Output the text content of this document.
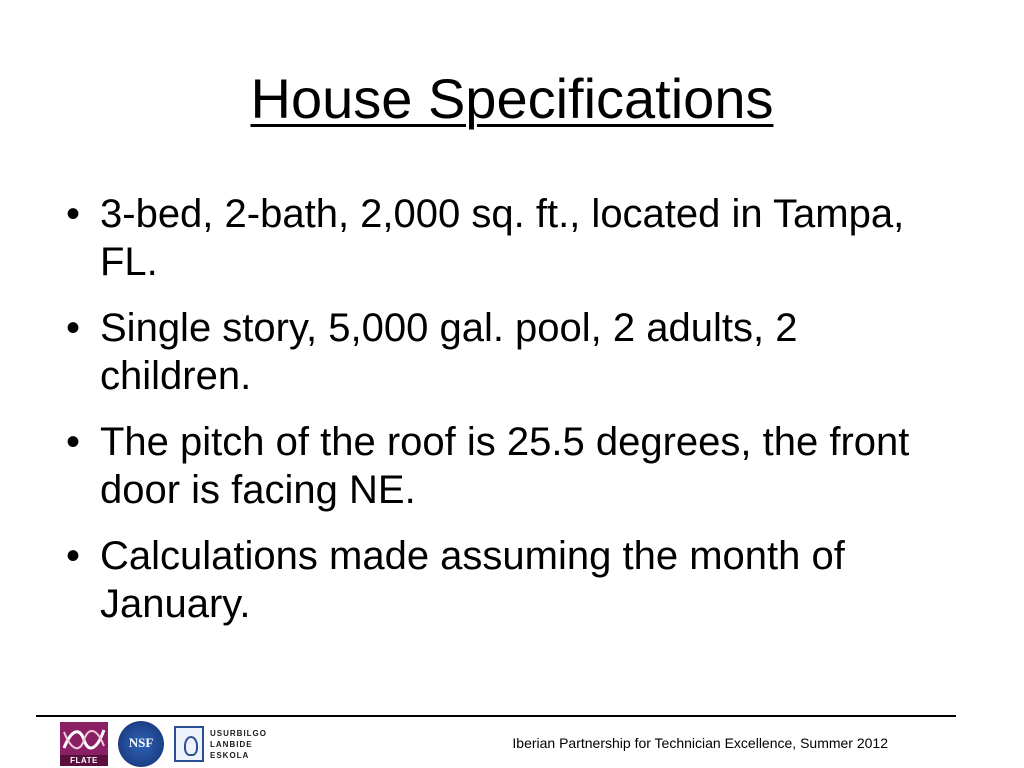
House Specifications
• 3-bed, 2-bath, 2,000 sq. ft., located in Tampa, FL.
• Single story, 5,000 gal. pool, 2 adults, 2 children.
• The pitch of the roof is 25.5 degrees, the front door is facing NE.
• Calculations made assuming the month of January.
FLATE
NSF
USURBILGO
LANBIDE
ESKOLA
Iberian Partnership for Technician Excellence, Summer 2012
